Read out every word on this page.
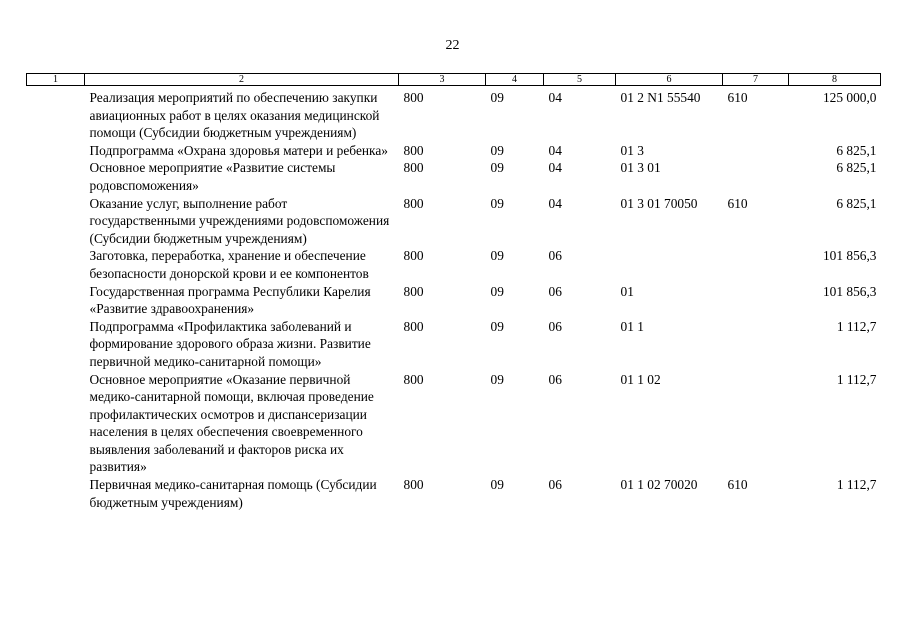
22
1	2	3	4	5	6	7	8
	Реализация мероприятий по обеспечению закупки авиационных работ в целях оказания медицинской помощи (Субсидии бюджетным учреждениям)	800	09	04	01 2 N1 55540	610	125 000,0
	Подпрограмма «Охрана здоровья матери и ребенка»	800	09	04	01 3		6 825,1
	Основное мероприятие «Развитие системы родовспоможения»	800	09	04	01 3 01		6 825,1
	Оказание услуг, выполнение работ государственными учреждениями родовспоможения (Субсидии бюджетным учреждениям)	800	09	04	01 3 01 70050	610	6 825,1
	Заготовка, переработка, хранение и обеспечение безопасности донорской крови и ее компонентов	800	09	06			101 856,3
	Государственная программа Республики Карелия «Развитие здравоохранения»	800	09	06	01		101 856,3
	Подпрограмма «Профилактика заболеваний и формирование здорового образа жизни. Развитие первичной медико-санитарной помощи»	800	09	06	01 1		1 112,7
	Основное мероприятие «Оказание первичной медико-санитарной помощи, включая проведение профилактических осмотров и диспансеризации населения в целях обеспечения своевременного выявления заболеваний и факторов риска их развития»	800	09	06	01 1 02		1 112,7
	Первичная медико-санитарная помощь (Субсидии бюджетным учреждениям)	800	09	06	01 1 02 70020	610	1 112,7
